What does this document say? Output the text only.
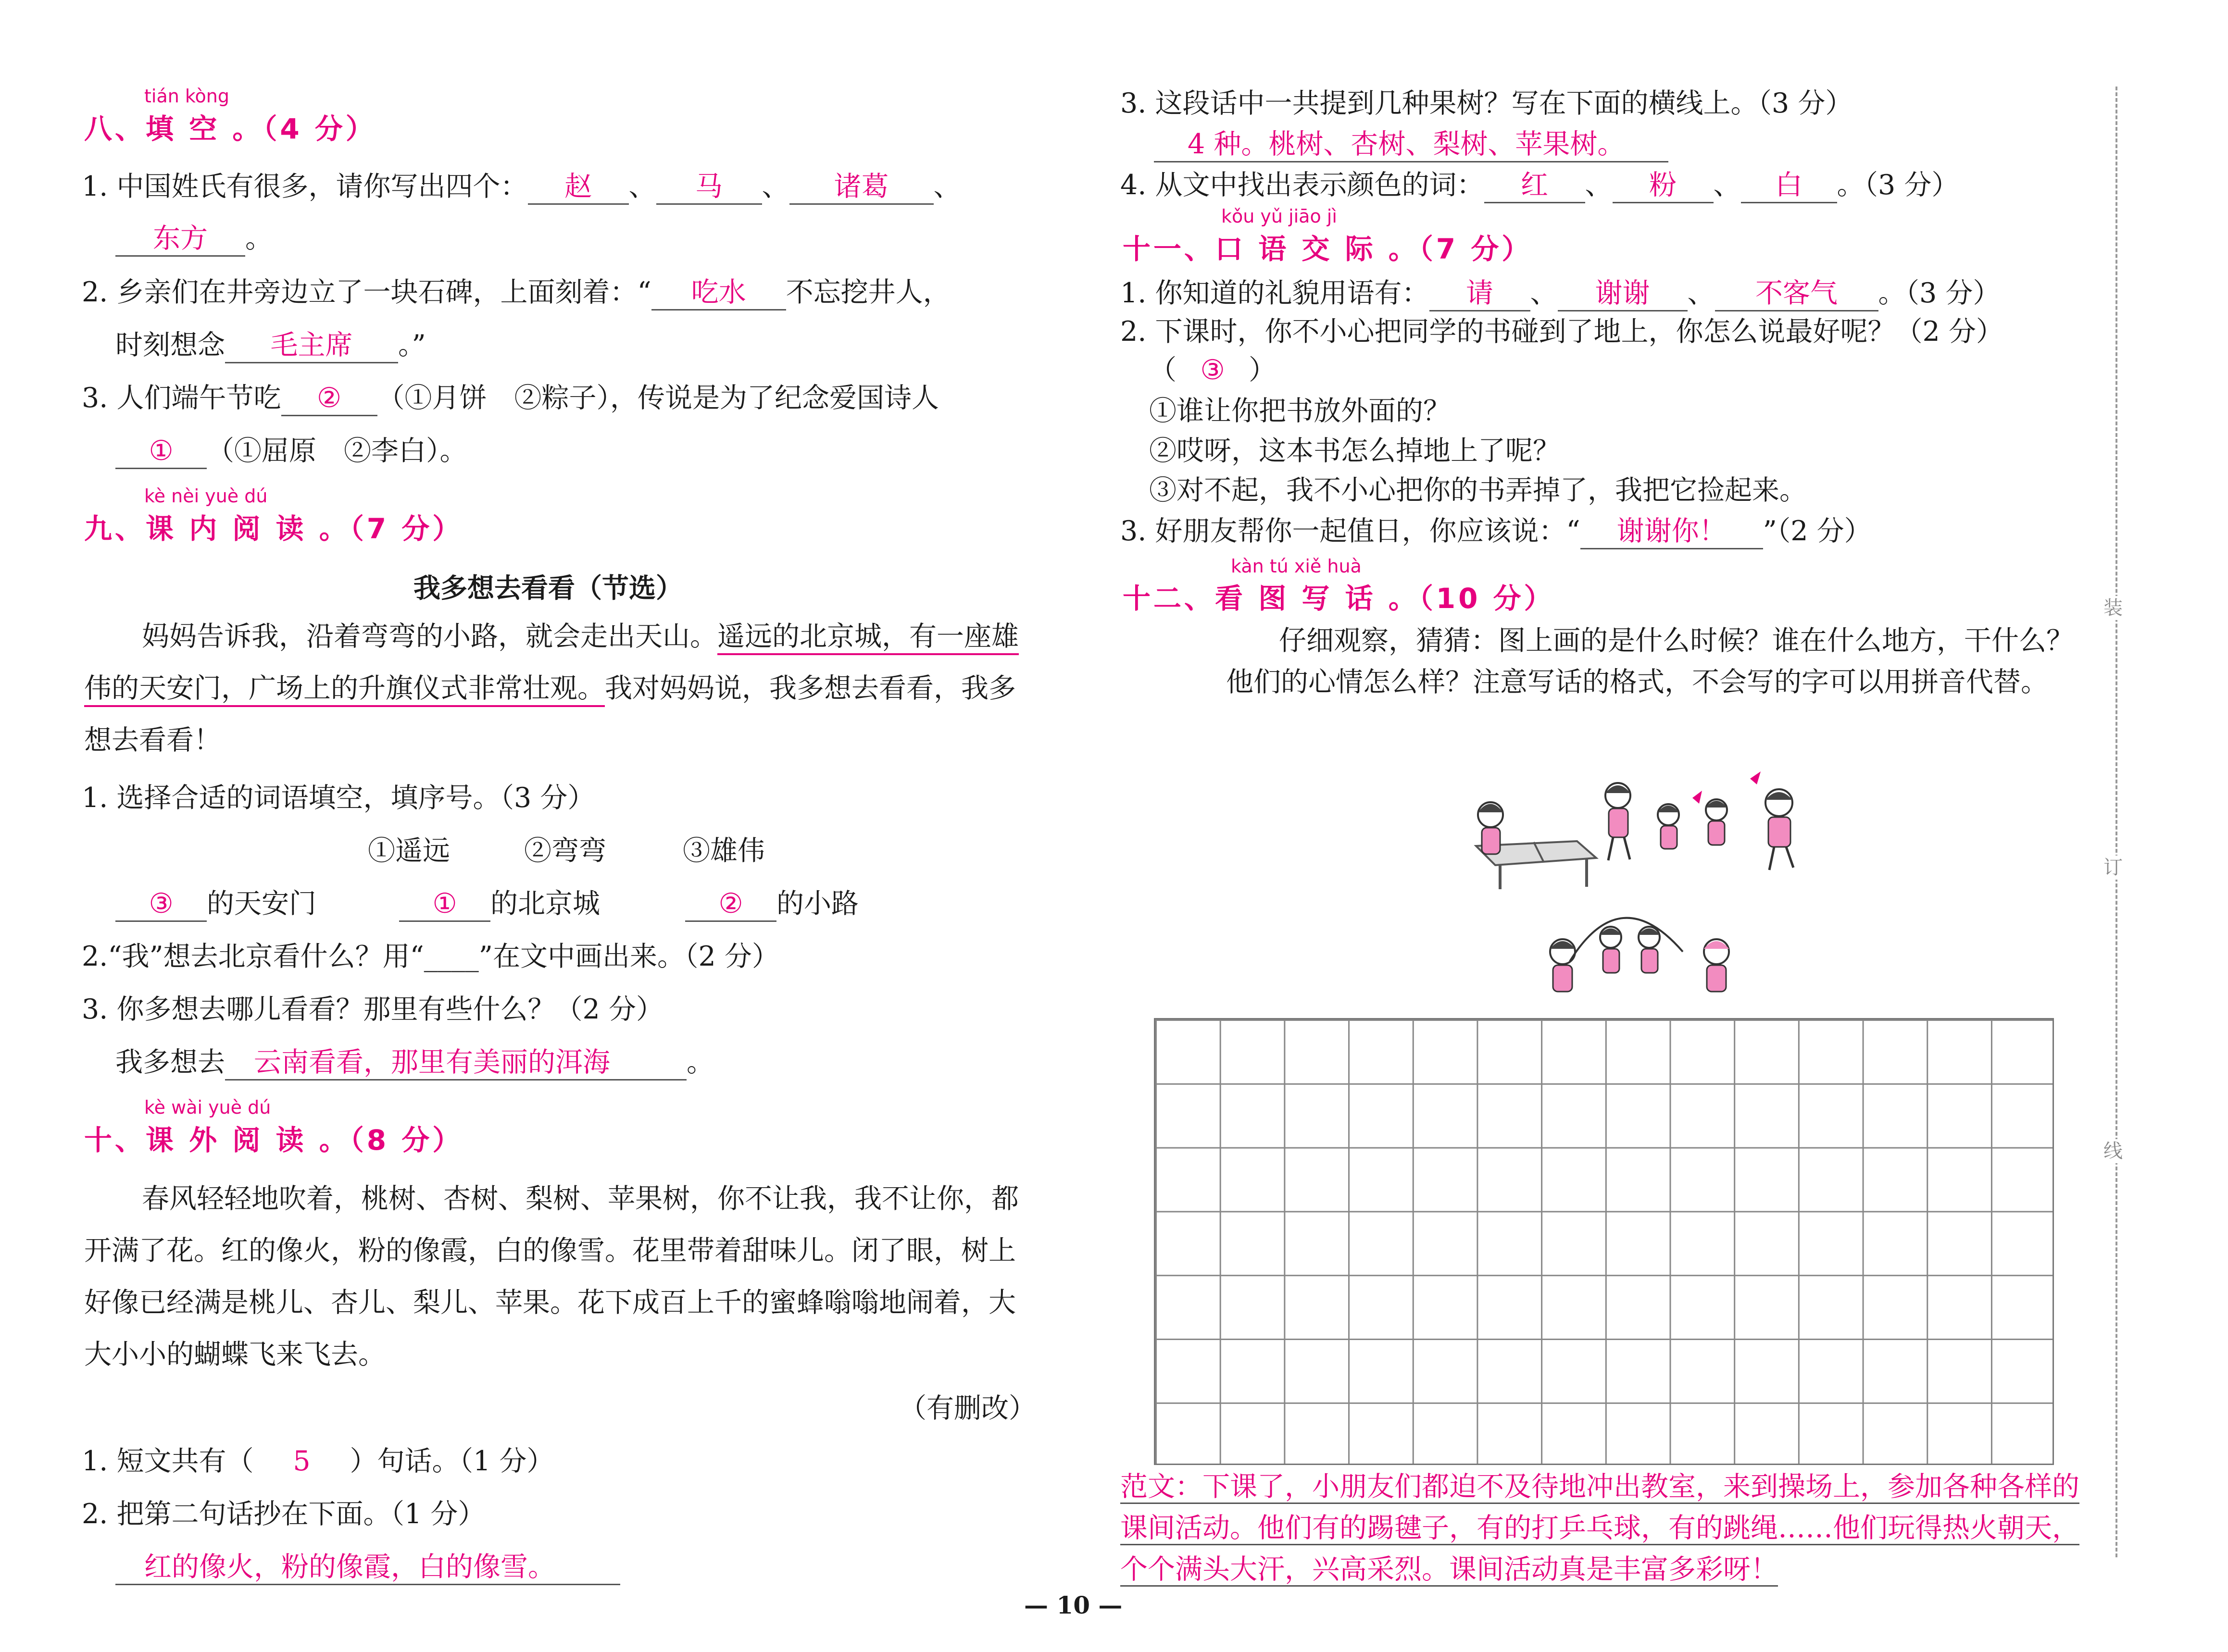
tián kòng
八、填 空 。（4 分）
1. 中国姓氏有很多，请你写出四个： 赵 、 马 、 诸葛 、
东方 。
2. 乡亲们在井旁边立了一块石碑，上面刻着：“ 吃水 不忘挖井人，
时刻想念 毛主席 。”
3. 人们端午节吃 ② （①月饼　②粽子），传说是为了纪念爱国诗人
① （①屈原　②李白）。
kè nèi yuè dú
九、课 内 阅 读 。（7 分）
我多想去看看（节选）
妈妈告诉我，沿着弯弯的小路，就会走出天山。遥远的北京城，有一座雄伟的天安门，广场上的升旗仪式非常壮观。我对妈妈说，我多想去看看，我多想去看看！
1. 选择合适的词语填空，填序号。（3 分）
①遥远	②弯弯	③雄伟
③ 的天安门	① 的北京城	② 的小路
2.“我”想去北京看什么？用“____”在文中画出来。（2 分）
3. 你多想去哪儿看看？那里有些什么？（2 分）
我多想去 云南看看，那里有美丽的洱海	。
kè wài yuè dú
十、课 外 阅 读 。（8 分）
春风轻轻地吹着，桃树、杏树、梨树、苹果树，你不让我，我不让你，都开满了花。红的像火，粉的像霞，白的像雪。花里带着甜味儿。闭了眼，树上好像已经满是桃儿、杏儿、梨儿、苹果。花下成百上千的蜜蜂嗡嗡地闹着，大大小小的蝴蝶飞来飞去。
（有删改）
1. 短文共有（ 5 ）句话。（1 分）
2. 把第二句话抄在下面。（1 分）
红的像火，粉的像霞，白的像雪。
3. 这段话中一共提到几种果树？写在下面的横线上。（3 分）
4 种。桃树、杏树、梨树、苹果树。
4. 从文中找出表示颜色的词： 红 、 粉 、 白 。（3 分）
kǒu yǔ jiāo jì
十一、口 语 交 际 。（7 分）
1. 你知道的礼貌用语有： 请 、 谢谢 、 不客气 。（3 分）
2. 下课时，你不小心把同学的书碰到了地上，你怎么说最好呢？（2 分）
（ ③ ）
①谁让你把书放外面的？
②哎呀，这本书怎么掉地上了呢？
③对不起，我不小心把你的书弄掉了，我把它捡起来。
3. 好朋友帮你一起值日，你应该说：“ 谢谢你！ ”（2 分）
kàn tú xiě huà
十二、看 图 写 话 。（10 分）
仔细观察，猜猜：图上画的是什么时候？谁在什么地方，干什么？他们的心情怎么样？注意写话的格式，不会写的字可以用拼音代替。
范文：下课了，小朋友们都迫不及待地冲出教室，来到操场上，参加各种各样的课间活动。他们有的踢毽子，有的打乒乓球，有的跳绳……他们玩得热火朝天，个个满头大汗，兴高采烈。课间活动真是丰富多彩呀！
装
订
线
— 10 —
